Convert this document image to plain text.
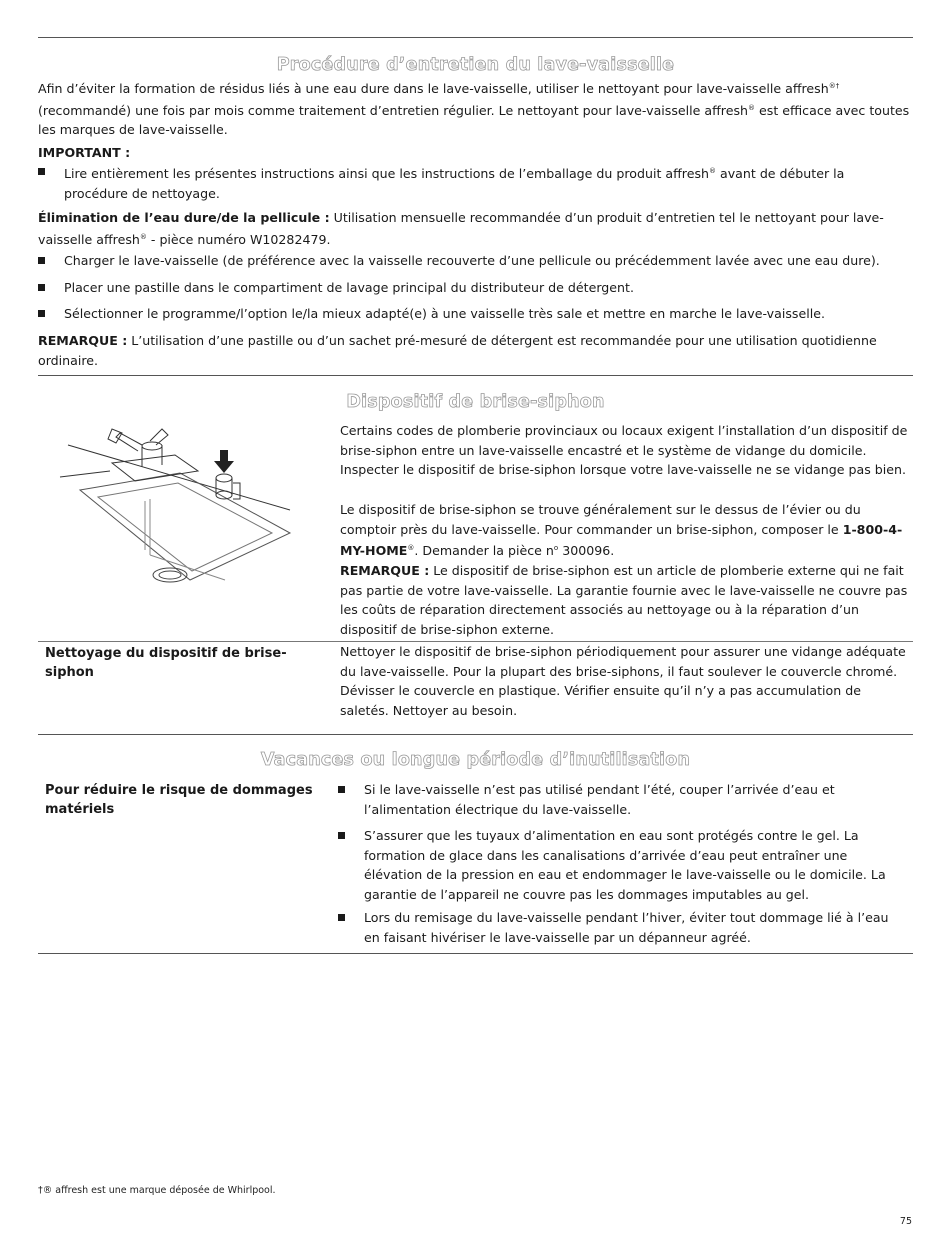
Procédure d’entretien du lave-vaisselle

Afin d’éviter la formation de résidus liés à une eau dure dans le lave-vaisselle, utiliser le nettoyant pour lave-vaisselle affresh®† (recommandé) une fois par mois comme traitement d’entretien régulier. Le nettoyant pour lave-vaisselle affresh® est efficace avec toutes les marques de lave-vaisselle.

IMPORTANT :

Lire entièrement les présentes instructions ainsi que les instructions de l’emballage du produit affresh® avant de débuter la procédure de nettoyage.

Élimination de l’eau dure/de la pellicule : Utilisation mensuelle recommandée d’un produit d’entretien tel le nettoyant pour lave-vaisselle affresh® - pièce numéro W10282479.

Charger le lave-vaisselle (de préférence avec la vaisselle recouverte d’une pellicule ou précédemment lavée avec une eau dure).

Placer une pastille dans le compartiment de lavage principal du distributeur de détergent.

Sélectionner le programme/l’option le/la mieux adapté(e) à une vaisselle très sale et mettre en marche le lave-vaisselle.

REMARQUE : L’utilisation d’une pastille ou d’un sachet pré-mesuré de détergent est recommandée pour une utilisation quotidienne ordinaire.

Dispositif de brise-siphon

Certains codes de plomberie provinciaux ou locaux exigent l’installation d’un dispositif de brise-siphon entre un lave-vaisselle encastré et le système de vidange du domicile. Inspecter le dispositif de brise-siphon lorsque votre lave-vaisselle ne se vidange pas bien.

Le dispositif de brise-siphon se trouve généralement sur le dessus de l’évier ou du comptoir près du lave-vaisselle. Pour commander un brise-siphon, composer le 1-800-4-MY-HOME®. Demander la pièce $n^o$ 300096.

REMARQUE : Le dispositif de brise-siphon est un article de plomberie externe qui ne fait pas partie de votre lave-vaisselle. La garantie fournie avec le lave-vaisselle ne couvre pas les coûts de réparation directement associés au nettoyage ou à la réparation d’un dispositif de brise-siphon externe.

Nettoyage du dispositif de brise-siphon

Nettoyer le dispositif de brise-siphon périodiquement pour assurer une vidange adéquate du lave-vaisselle. Pour la plupart des brise-siphons, il faut soulever le couvercle chromé. Dévisser le couvercle en plastique. Vérifier ensuite qu’il n’y a pas accumulation de saletés. Nettoyer au besoin.

Vacances ou longue période d’inutilisation

Pour réduire le risque de dommages matériels

Si le lave-vaisselle n’est pas utilisé pendant l’été, couper l’arrivée d’eau et l’alimentation électrique du lave-vaisselle.

S’assurer que les tuyaux d’alimentation en eau sont protégés contre le gel. La formation de glace dans les canalisations d’arrivée d’eau peut entraîner une élévation de la pression en eau et endommager le lave-vaisselle ou le domicile. La garantie de l’appareil ne couvre pas les dommages imputables au gel.

Lors du remisage du lave-vaisselle pendant l’hiver, éviter tout dommage lié à l’eau en faisant hivériser le lave-vaisselle par un dépanneur agréé.

†® affresh est une marque déposée de Whirlpool.
75
